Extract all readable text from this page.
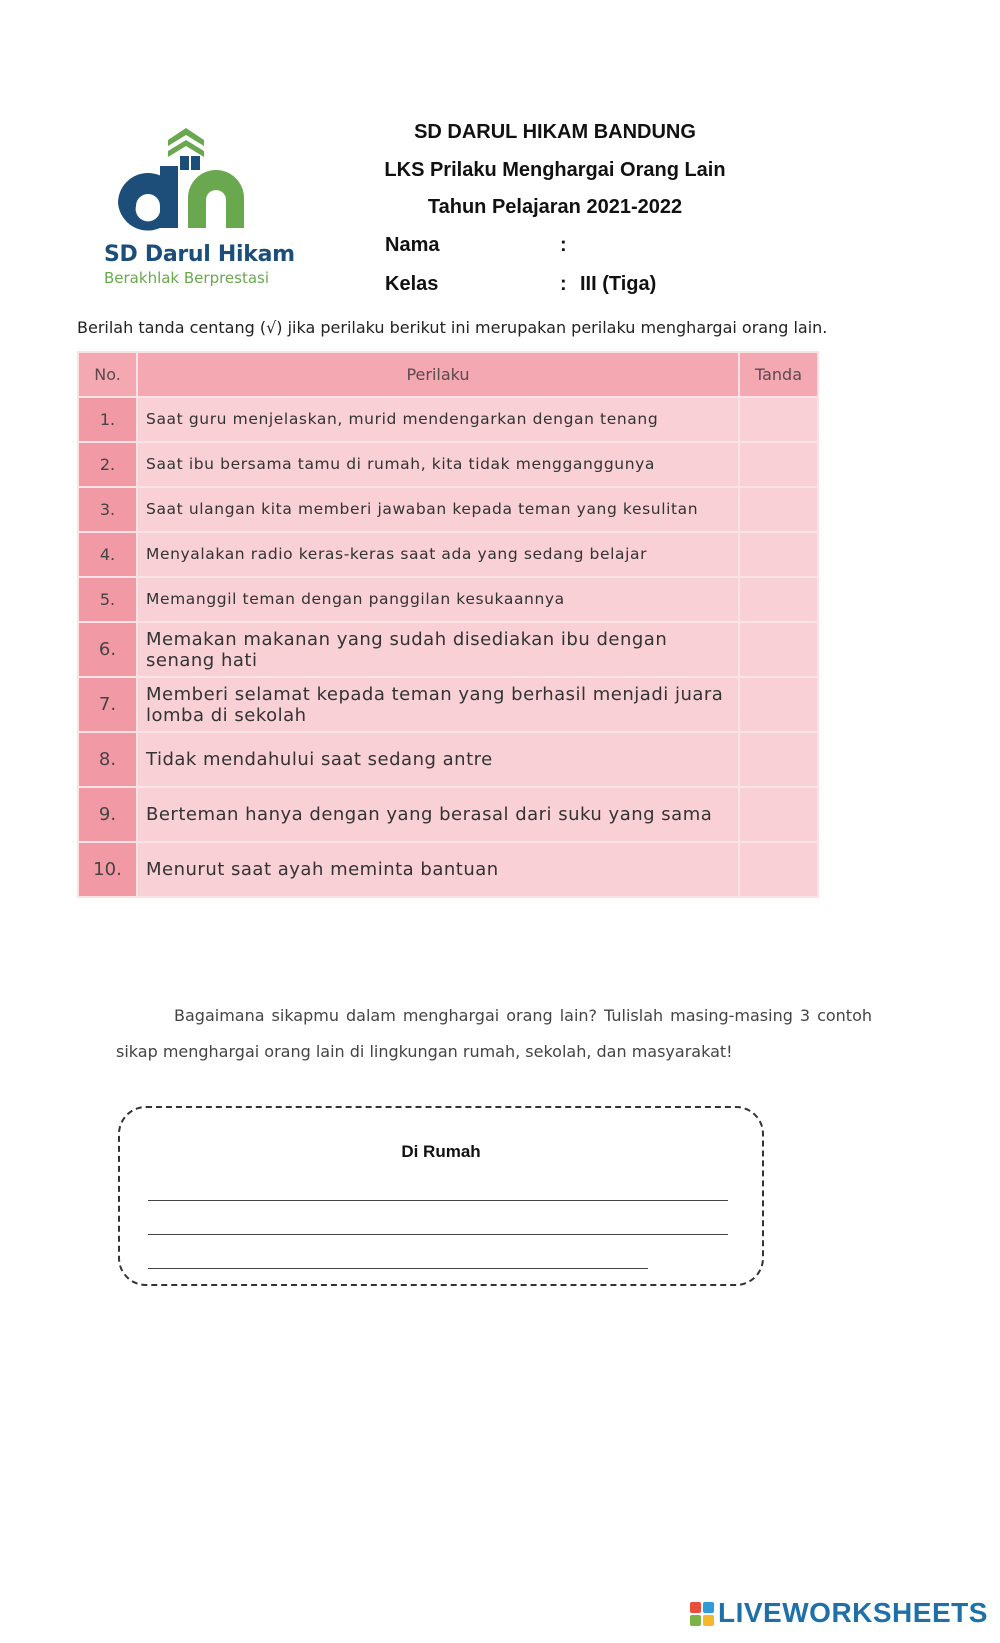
SD Darul Hikam
Berakhlak Berprestasi
SD DARUL HIKAM BANDUNG
LKS Prilaku Menghargai Orang Lain
Tahun Pelajaran 2021-2022
Nama	:
Kelas	: III (Tiga)
Berilah tanda centang (√) jika perilaku berikut ini merupakan perilaku menghargai orang lain.
No.	Perilaku	Tanda
1.	Saat guru menjelaskan, murid mendengarkan dengan tenang	
2.	Saat ibu bersama tamu di rumah, kita tidak mengganggunya	
3.	Saat ulangan kita memberi jawaban kepada teman yang kesulitan	
4.	Menyalakan radio keras-keras saat ada yang sedang belajar	
5.	Memanggil teman dengan panggilan kesukaannya	
6.	Memakan makanan yang sudah disediakan ibu dengan senang hati	
7.	Memberi selamat kepada teman yang berhasil menjadi juara lomba di sekolah	
8.	Tidak mendahului saat sedang antre	
9.	Berteman hanya dengan yang berasal dari suku yang sama	
10.	Menurut saat ayah meminta bantuan	
Bagaimana sikapmu dalam menghargai orang lain? Tulislah masing-masing 3 contoh sikap menghargai orang lain di lingkungan rumah, sekolah, dan masyarakat!
Di Rumah
LIVEWORKSHEETS
